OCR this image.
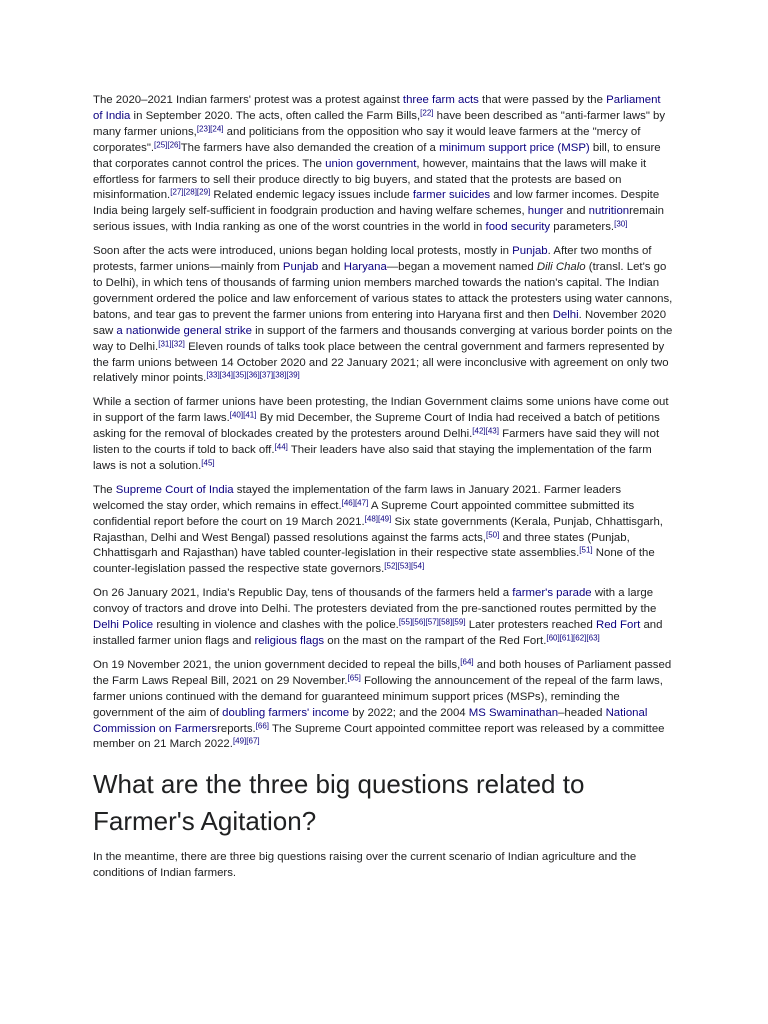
The 2020–2021 Indian farmers' protest was a protest against three farm acts that were passed by the Parliament of India in September 2020. The acts, often called the Farm Bills,[22] have been described as "anti-farmer laws" by many farmer unions,[23][24] and politicians from the opposition who say it would leave farmers at the "mercy of corporates".[25][26]The farmers have also demanded the creation of a minimum support price (MSP) bill, to ensure that corporates cannot control the prices. The union government, however, maintains that the laws will make it effortless for farmers to sell their produce directly to big buyers, and stated that the protests are based on misinformation.[27][28][29] Related endemic legacy issues include farmer suicides and low farmer incomes. Despite India being largely self-sufficient in foodgrain production and having welfare schemes, hunger and nutritionremain serious issues, with India ranking as one of the worst countries in the world in food security parameters.[30]

Soon after the acts were introduced, unions began holding local protests, mostly in Punjab. After two months of protests, farmer unions—mainly from Punjab and Haryana—began a movement named Dili Chalo (transl. Let's go to Delhi), in which tens of thousands of farming union members marched towards the nation's capital. The Indian government ordered the police and law enforcement of various states to attack the protesters using water cannons, batons, and tear gas to prevent the farmer unions from entering into Haryana first and then Delhi. November 2020 saw a nationwide general strike in support of the farmers and thousands converging at various border points on the way to Delhi.[31][32] Eleven rounds of talks took place between the central government and farmers represented by the farm unions between 14 October 2020 and 22 January 2021; all were inconclusive with agreement on only two relatively minor points.[33][34][35][36][37][38][39]

While a section of farmer unions have been protesting, the Indian Government claims some unions have come out in support of the farm laws.[40][41] By mid December, the Supreme Court of India had received a batch of petitions asking for the removal of blockades created by the protesters around Delhi.[42][43] Farmers have said they will not listen to the courts if told to back off.[44] Their leaders have also said that staying the implementation of the farm laws is not a solution.[45]

The Supreme Court of India stayed the implementation of the farm laws in January 2021. Farmer leaders welcomed the stay order, which remains in effect.[46][47] A Supreme Court appointed committee submitted its confidential report before the court on 19 March 2021.[48][49] Six state governments (Kerala, Punjab, Chhattisgarh, Rajasthan, Delhi and West Bengal) passed resolutions against the farms acts,[50] and three states (Punjab, Chhattisgarh and Rajasthan) have tabled counter-legislation in their respective state assemblies.[51] None of the counter-legislation passed the respective state governors.[52][53][54]

On 26 January 2021, India's Republic Day, tens of thousands of the farmers held a farmer's parade with a large convoy of tractors and drove into Delhi. The protesters deviated from the pre-sanctioned routes permitted by the Delhi Police resulting in violence and clashes with the police.[55][56][57][58][59] Later protesters reached Red Fort and installed farmer union flags and religious flags on the mast on the rampart of the Red Fort.[60][61][62][63]

On 19 November 2021, the union government decided to repeal the bills,[64] and both houses of Parliament passed the Farm Laws Repeal Bill, 2021 on 29 November.[65] Following the announcement of the repeal of the farm laws, farmer unions continued with the demand for guaranteed minimum support prices (MSPs), reminding the government of the aim of doubling farmers' income by 2022; and the 2004 MS Swaminathan–headed National Commission on Farmersreports.[66] The Supreme Court appointed committee report was released by a committee member on 21 March 2022.[49][67]

What are the three big questions related to Farmer's Agitation?

In the meantime, there are three big questions raising over the current scenario of Indian agriculture and the conditions of Indian farmers.
